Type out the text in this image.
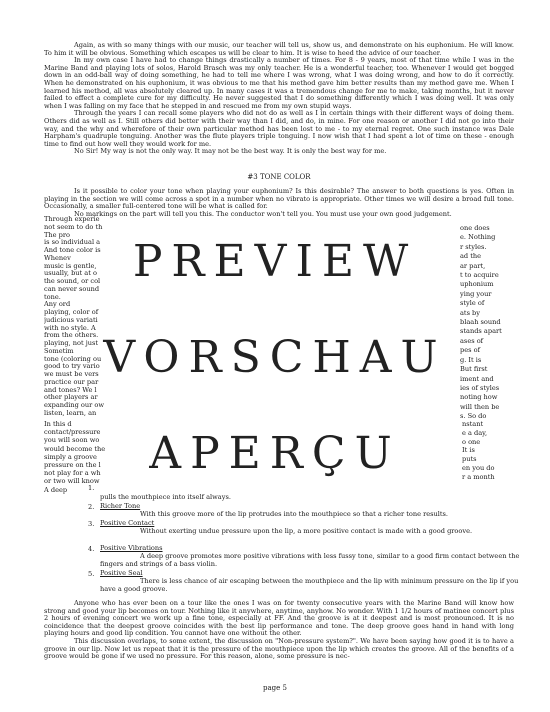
Again, as with so many things with our music, our teacher will tell us, show us, and demonstrate on his euphonium. He will know. To him it will be obvious. Something which escapes us will be clear to him. It is wise to heed the advice of our teacher.

In my own case I have had to change things drastically a number of times. For 8 - 9 years, most of that time while I was in the Marine Band and playing lots of solos, Harold Brasch was my only teacher. He is a wonderful teacher, too. Whenever I would get bogged down in an odd-ball way of doing something, he had to tell me where I was wrong, what I was doing wrong, and how to do it correctly. When he demonstrated on his euphonium, it was obvious to me that his method gave him better results than my method gave me. When I learned his method, all was absolutely cleared up. In many cases it was a tremendous change for me to make, taking months, but it never failed to effect a complete cure for my difficulty. He never suggested that I do something differently which I was doing well. It was only when I was falling on my face that he stepped in and rescued me from my own stupid ways.

Through the years I can recall some players who did not do as well as I in certain things with their different ways of doing them. Others did as well as I. Still others did better with their way than I did, and do, in mine. For one reason or another I did not go into their way, and the why and wherefore of their own particular method has been lost to me - to my eternal regret. One such instance was Dale Harpham's quadruple tonguing. Another was the flute players triple tonguing. I now wish that I had spent a lot of time on these - enough time to find out how well they would work for me.

No Sir! My way is not the only way. It may not be the best way. It is only the best way for me.

#3 TONE COLOR

Is it possible to color your tone when playing your euphonium? Is this desirable? The answer to both questions is yes. Often in playing in the section we will come across a spot in a number when no vibrato is appropriate. Other times we will desire a broad full tone. Occasionally, a smaller full-centered tone will be what is called for.

No markings on the part will tell you this. The conductor won't tell you. You must use your own good judgement.

Through experie
not seem to do th
The pro
is so individual a
And tone color is
Whenev
music is gentle,
usually, but at o
the sound, or col
can never sound
tone.
Any ord
playing, color of
judicious variati
with no style. A
from the others.
playing, not just
Sometim
tone (coloring ou
good to try vario
we must be vers
practice our par
and tones? We l
other players ar
expanding our ow
listen, learn, an
one does
e. Nothing
r styles.
ad the
ar part,
t to acquire
uphonium
ying your
style of
ats by
blaah sound
stands apart
ases of
pes of
g. It is
But first
iment and
ies of styles
noting how
will then be
s. So do
PREVIEW
VORSCHAU
APERÇU
In this d
contact/pressure
you will soon wo
would become the
simply a groove
pressure on the l
not play for a wh
or two will know
A deep
nstant
e a day,
o one
It is
puts
en you do
r a month
1.
pulls the mouthpiece into itself always.
2. Richer Tone
With this groove more of the lip protrudes into the mouthpiece so that a richer tone results.
3. Positive Contact
Without exerting undue pressure upon the lip, a more positive contact is made with a good groove.
4. Positive Vibrations
A deep groove promotes more positive vibrations with less fussy tone, similar to a good firm contact between the fingers and strings of a bass violin.
5. Positive Seal
There is less chance of air escaping between the mouthpiece and the lip with minimum pressure on the lip if you have a good groove.

Anyone who has ever been on a tour like the ones I was on for twenty consecutive years with the Marine Band will know how strong and good your lip becomes on tour. Nothing like it anywhere, anytime, anyhow. No wonder. With 1 1/2 hours of matinee concert plus 2 hours of evening concert we work up a fine tone, especially at FF. And the groove is at it deepest and is most pronounced. It is no coincidence that the deepest groove coincides with the best lip performance and tone. The deep groove goes hand in hand with long playing hours and good lip condition. You cannot have one without the other.

This discussion overlaps, to some extent, the discussion on "Non-pressure system?". We have been saying how good it is to have a groove in our lip. Now let us repeat that it is the pressure of the mouthpiece upon the lip which creates the groove. All of the benefits of a groove would be gone if we used no pressure. For this reason, alone, some pressure is nec-

page 5
